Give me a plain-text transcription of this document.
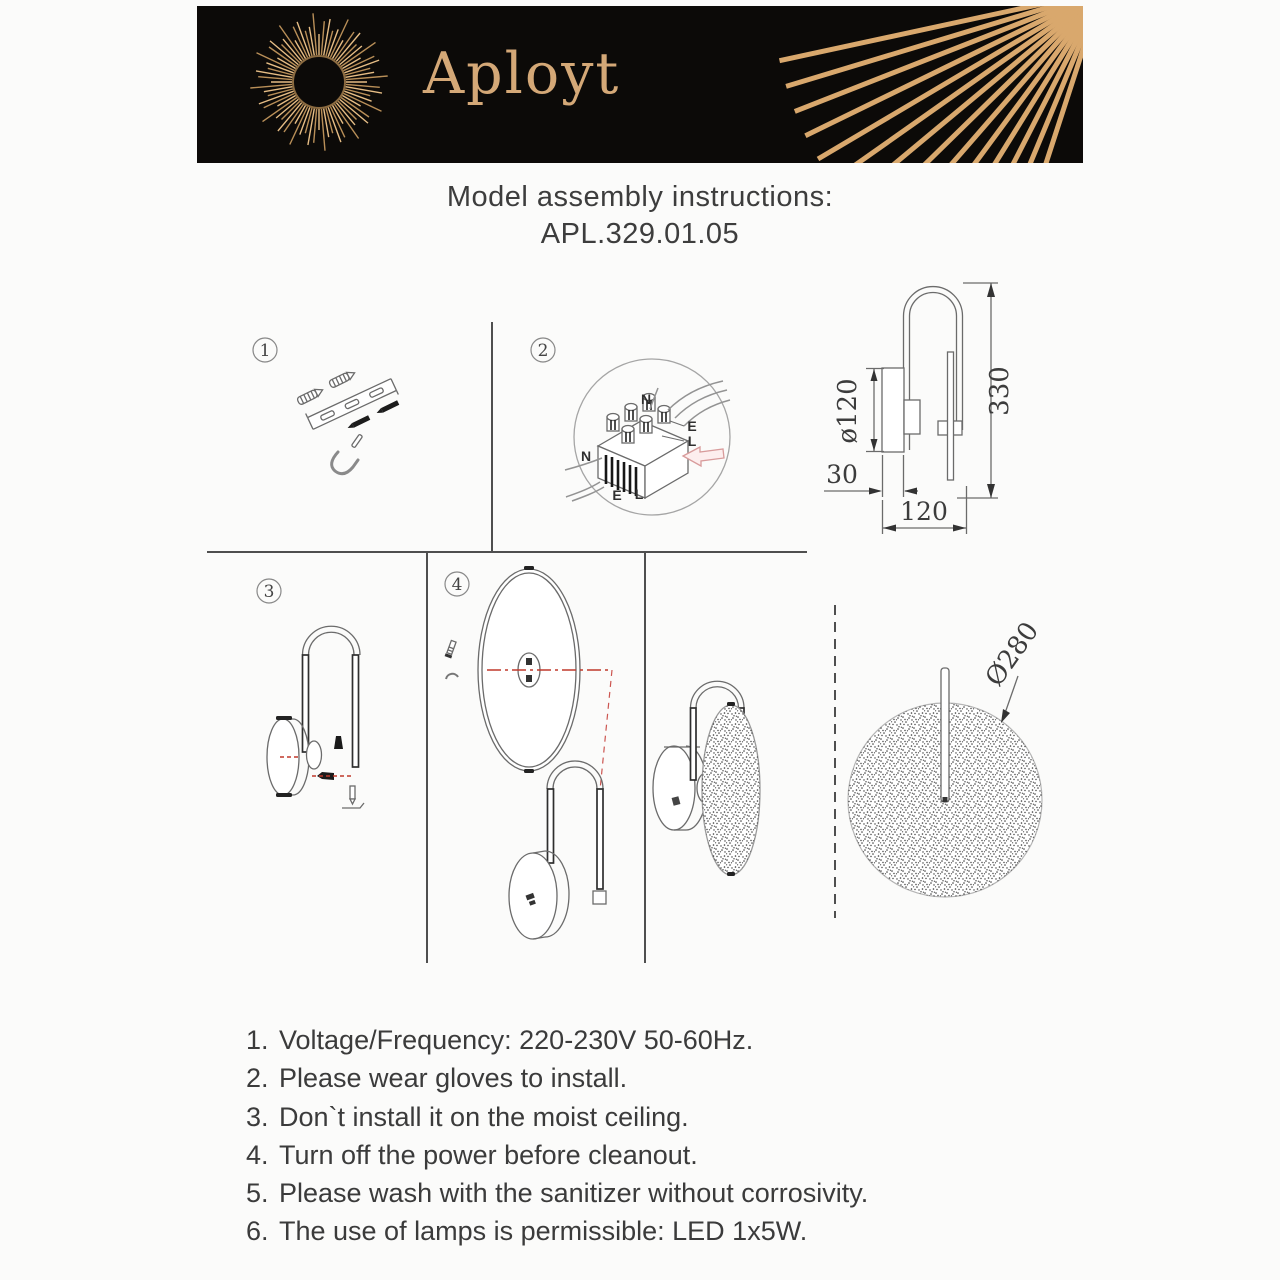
Aployt
Model assembly instructions:
APL.329.01.05
1	2
3	4
N
E
L
N
E L
330
ø120
30
120
Ø280
1. Voltage/Frequency: 220-230V 50-60Hz.
2. Please wear gloves to install.
3. Don`t install it on the moist ceiling.
4. Turn off the power before cleanout.
5. Please wash with the sanitizer without corrosivity.
6. The use of lamps is permissible: LED 1x5W.
